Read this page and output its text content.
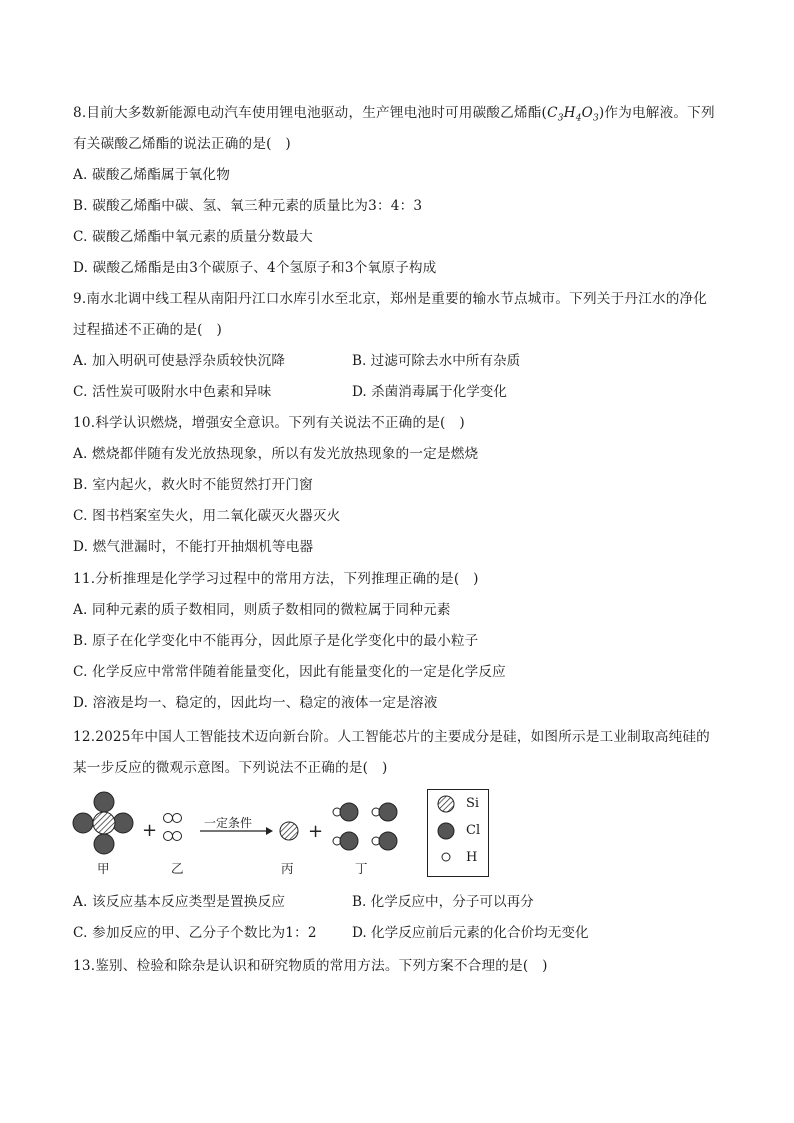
8.目前大多数新能源电动汽车使用锂电池驱动，生产锂电池时可用碳酸乙烯酯$(C_3H_4O_3)$作为电解液。下列
有关碳酸乙烯酯的说法正确的是(　)
A. 碳酸乙烯酯属于氧化物
B. 碳酸乙烯酯中碳、氢、氧三种元素的质量比为3：4：3
C. 碳酸乙烯酯中氧元素的质量分数最大
D. 碳酸乙烯酯是由3个碳原子、4个氢原子和3个氧原子构成
9.南水北调中线工程从南阳丹江口水库引水至北京，郑州是重要的输水节点城市。下列关于丹江水的净化
过程描述不正确的是(　)
A. 加入明矾可使悬浮杂质较快沉降	B. 过滤可除去水中所有杂质
C. 活性炭可吸附水中色素和异味	D. 杀菌消毒属于化学变化
10.科学认识燃烧，增强安全意识。下列有关说法不正确的是(　)
A. 燃烧都伴随有发光放热现象，所以有发光放热现象的一定是燃烧
B. 室内起火，救火时不能贸然打开门窗
C. 图书档案室失火，用二氧化碳灭火器灭火
D. 燃气泄漏时，不能打开抽烟机等电器
11.分析推理是化学学习过程中的常用方法，下列推理正确的是(　)
A. 同种元素的质子数相同，则质子数相同的微粒属于同种元素
B. 原子在化学变化中不能再分，因此原子是化学变化中的最小粒子
C. 化学反应中常常伴随着能量变化，因此有能量变化的一定是化学反应
D. 溶液是均一、稳定的，因此均一、稳定的液体一定是溶液
12.2025年中国人工智能技术迈向新台阶。人工智能芯片的主要成分是硅，如图所示是工业制取高纯硅的
某一步反应的微观示意图。下列说法不正确的是(　)
+	+
一定条件
甲	乙	丙	丁
Si
Cl
H
A. 该反应基本反应类型是置换反应	B. 化学反应中，分子可以再分
C. 参加反应的甲、乙分子个数比为1：2	D. 化学反应前后元素的化合价均无变化
13.鉴别、检验和除杂是认识和研究物质的常用方法。下列方案不合理的是(　)
